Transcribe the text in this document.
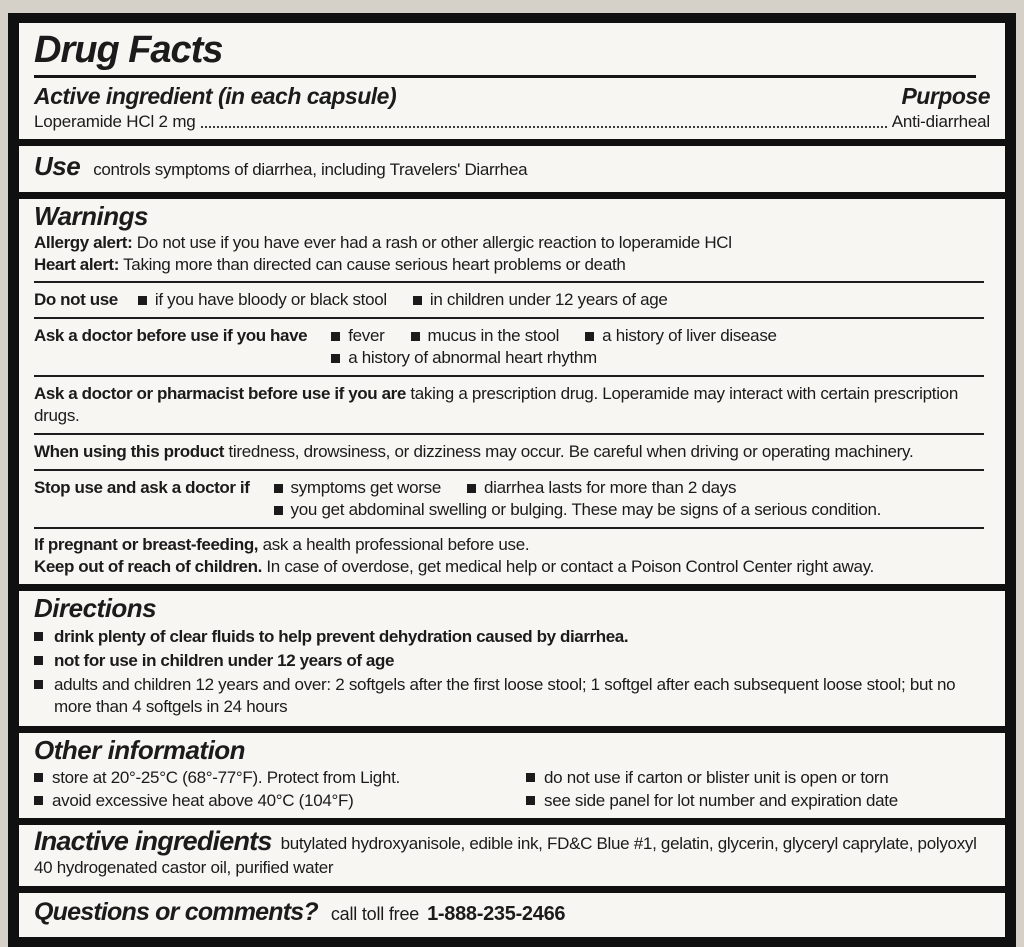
Drug Facts
Active ingredient (in each capsule)	Purpose
Loperamide HCl 2 mg	Anti-diarrheal
Use controls symptoms of diarrhea, including Travelers' Diarrhea
Warnings

Allergy alert: Do not use if you have ever had a rash or other allergic reaction to loperamide HCl

Heart alert: Taking more than directed can cause serious heart problems or death

Do not use if you have bloody or black stool	in children under 12 years of age
Ask a doctor before use if you have fever	mucus in the stool	a history of liver disease
a history of abnormal heart rhythm

Ask a doctor or pharmacist before use if you are taking a prescription drug. Loperamide may interact with certain prescription drugs.

When using this product tiredness, drowsiness, or dizziness may occur. Be careful when driving or operating machinery.

Stop use and ask a doctor if symptoms get worse	diarrhea lasts for more than 2 days
you get abdominal swelling or bulging. These may be signs of a serious condition.

If pregnant or breast-feeding, ask a health professional before use.

Keep out of reach of children. In case of overdose, get medical help or contact a Poison Control Center right away.

Directions
drink plenty of clear fluids to help prevent dehydration caused by diarrhea.
not for use in children under 12 years of age
adults and children 12 years and over: 2 softgels after the first loose stool; 1 softgel after each subsequent loose stool; but no more than 4 softgels in 24 hours
Other information
store at 20°-25°C (68°-77°F). Protect from Light.
avoid excessive heat above 40°C (104°F)
do not use if carton or blister unit is open or torn
see side panel for lot number and expiration date

Inactive ingredients butylated hydroxyanisole, edible ink, FD&C Blue #1, gelatin, glycerin, glyceryl caprylate, polyoxyl 40 hydrogenated castor oil, purified water

Questions or comments? call toll free 1-888-235-2466
